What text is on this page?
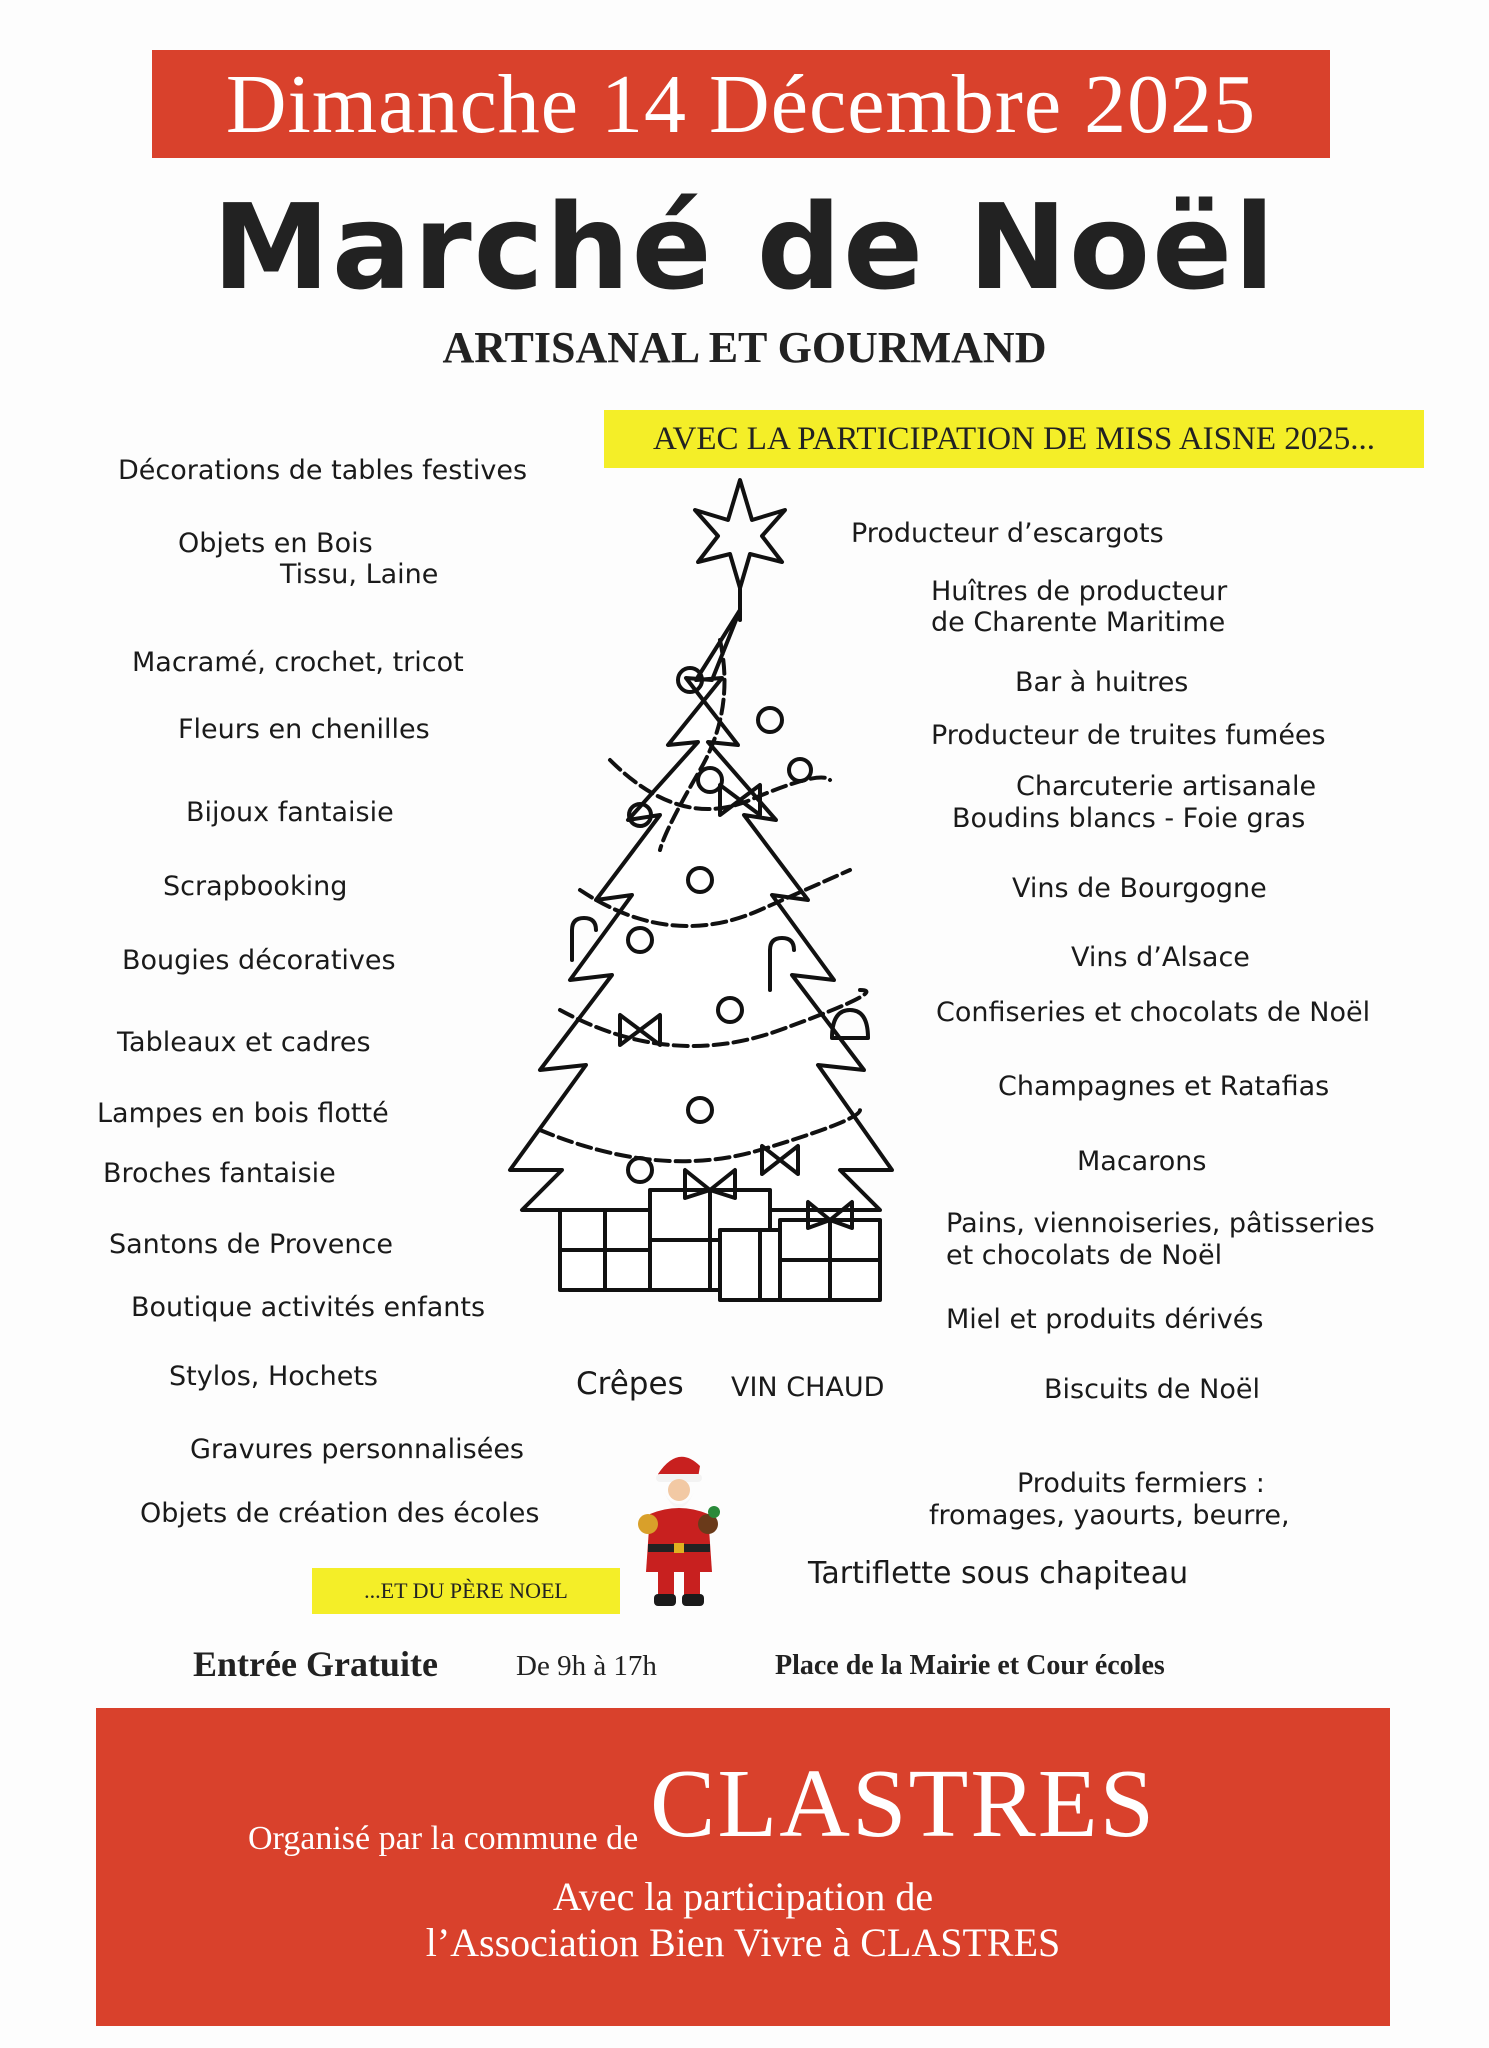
Dimanche 14 Décembre 2025
Marché de Noël
ARTISANAL ET GOURMAND
AVEC LA PARTICIPATION DE MISS AISNE 2025...
Décorations de tables festives
Objets en Bois
Tissu, Laine
Macramé, crochet, tricot
Fleurs en chenilles
Bijoux fantaisie
Scrapbooking
Bougies décoratives
Tableaux et cadres
Lampes en bois flotté
Broches fantaisie
Santons de Provence
Boutique activités enfants
Stylos, Hochets
Gravures personnalisées
Objets de création des écoles
Producteur d’escargots
Huîtres de producteur
de Charente Maritime
Bar à huitres
Producteur de truites fumées
Charcuterie artisanale
Boudins blancs - Foie gras
Vins de Bourgogne
Vins d’Alsace
Confiseries et chocolats de Noël
Champagnes et Ratafias
Macarons
Pains, viennoiseries, pâtisseries
et chocolats de Noël
Miel et produits dérivés
Biscuits de Noël
Produits fermiers :
fromages, yaourts, beurre,
Tartiflette sous chapiteau
Crêpes VIN CHAUD
...ET DU PÈRE NOEL
Entrée Gratuite	De 9h à 17h	Place de la Mairie et Cour écoles
Organisé par la commune de CLASTRES
Avec la participation de
l’Association Bien Vivre à CLASTRES
